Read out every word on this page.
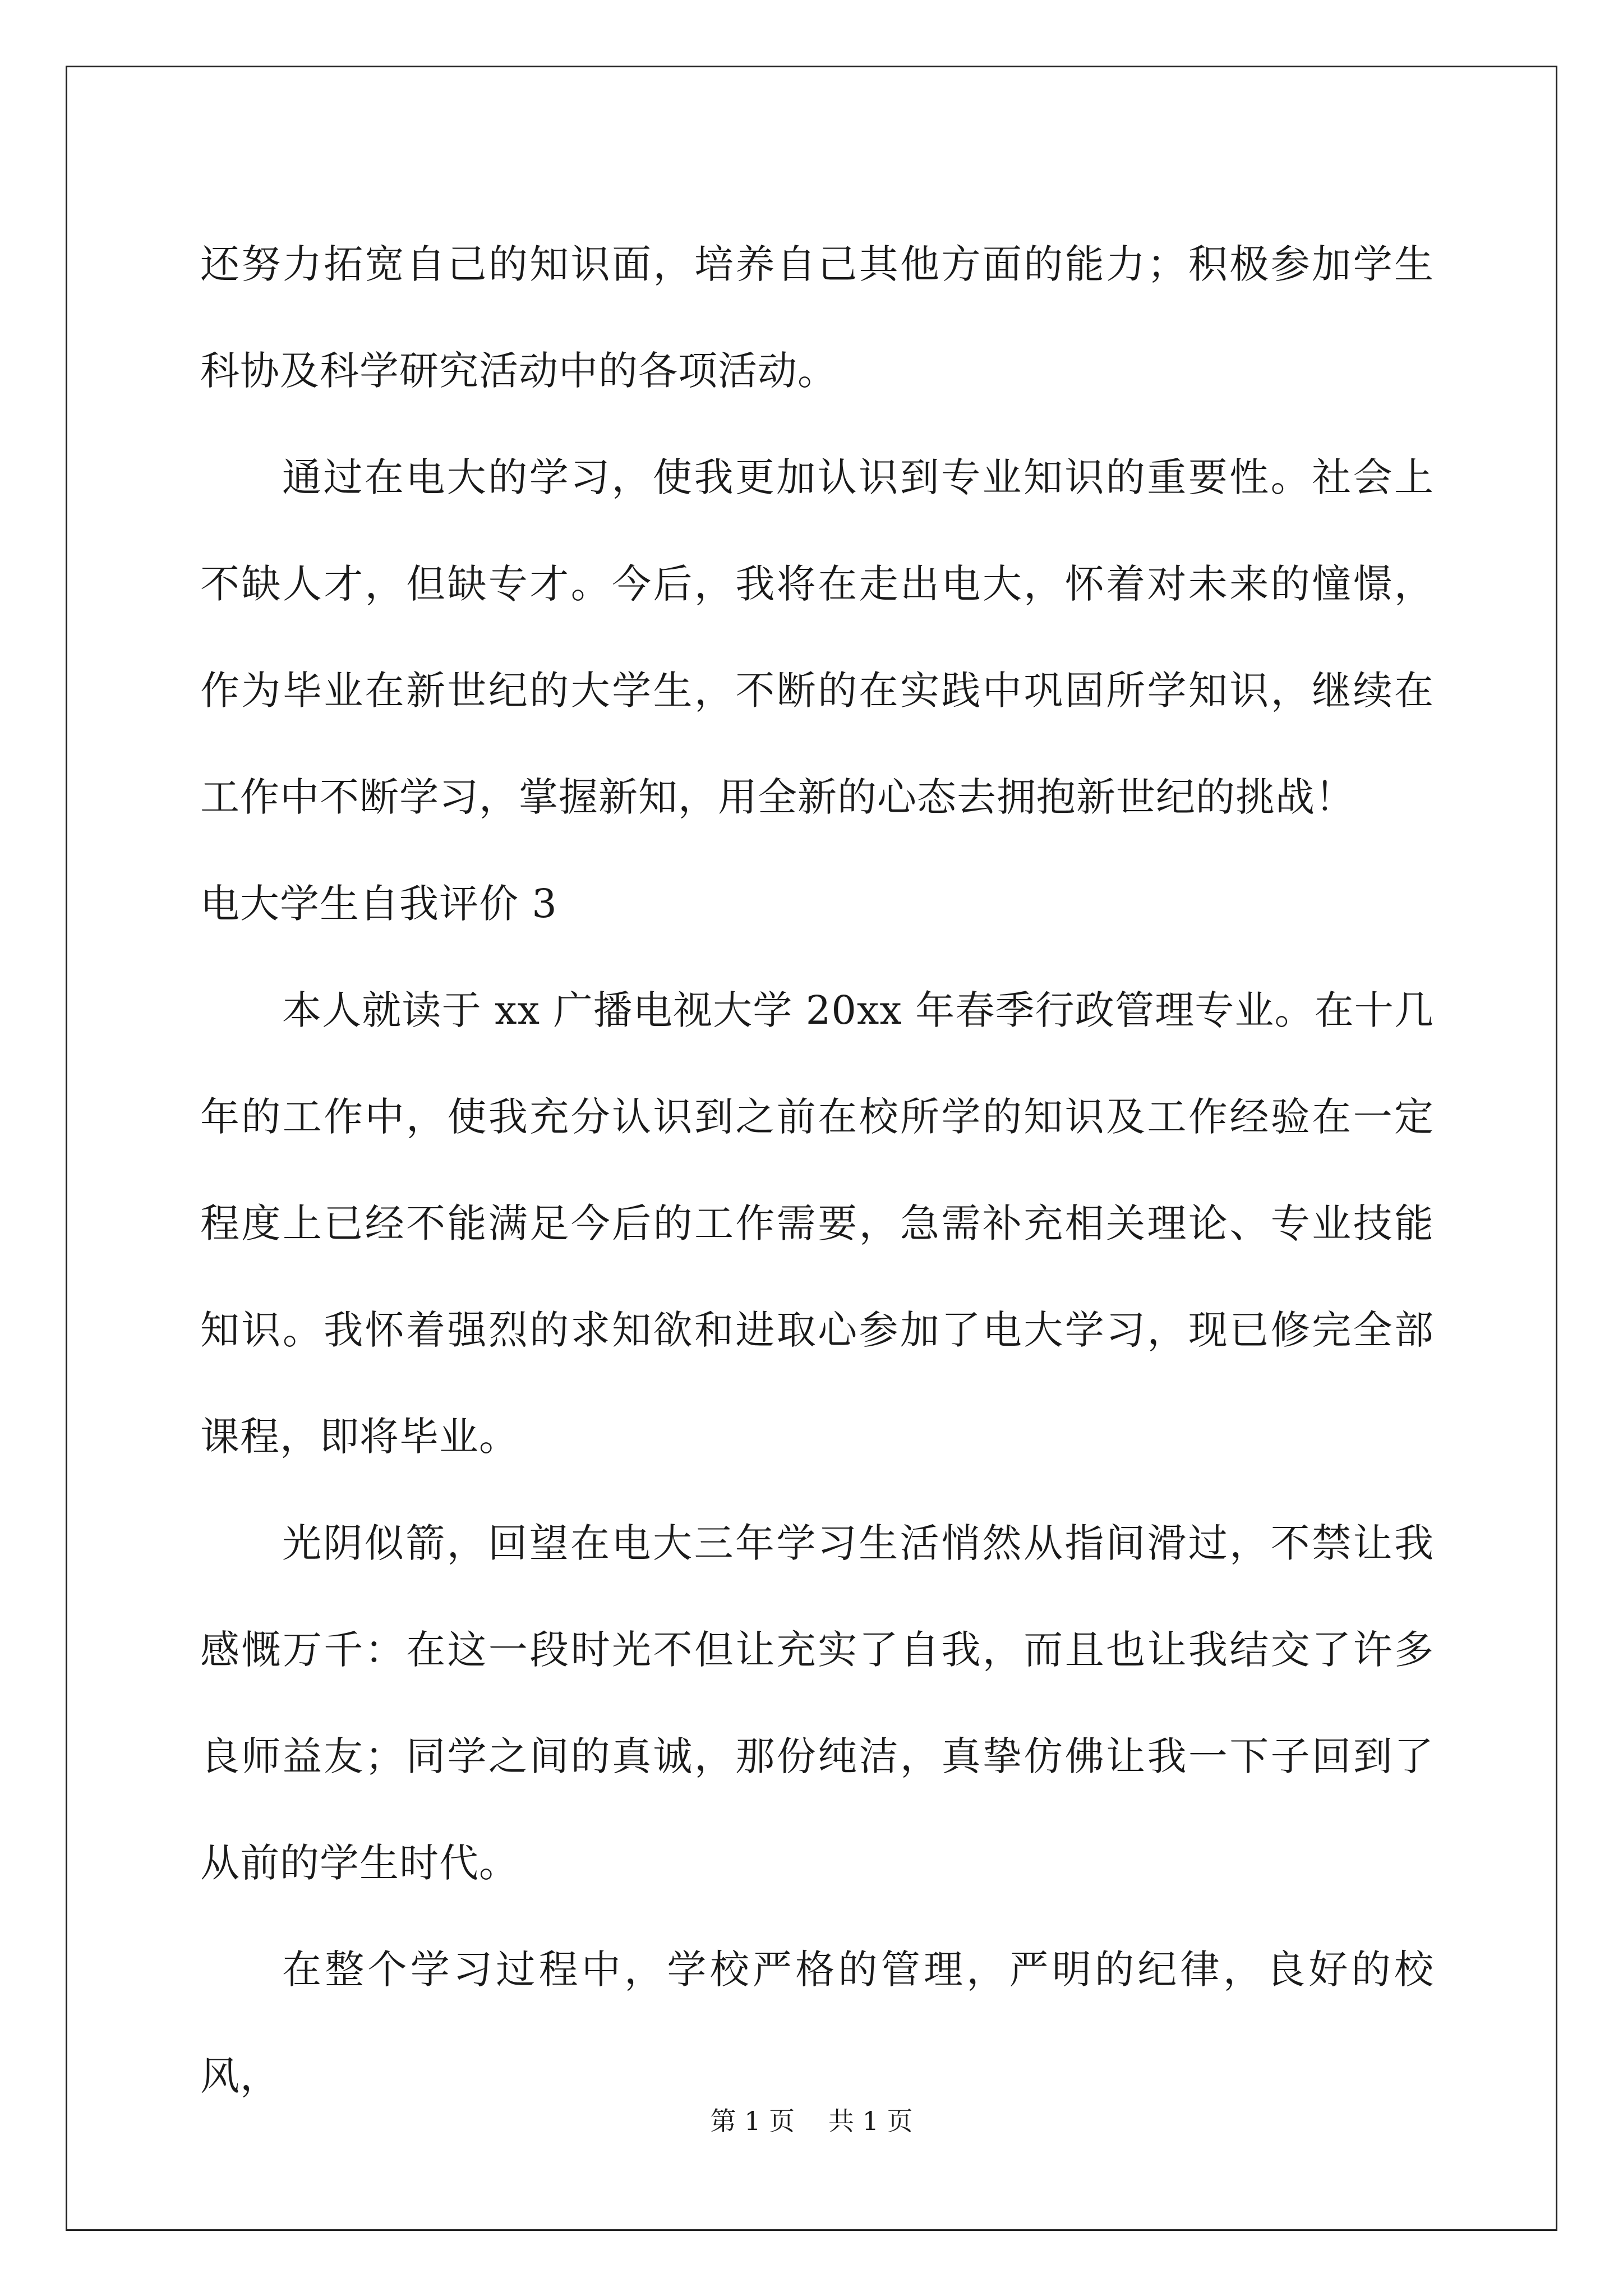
还努力拓宽自己的知识面，培养自己其他方面的能力；积极参加学生科协及科学研究活动中的各项活动。

通过在电大的学习，使我更加认识到专业知识的重要性。社会上不缺人才，但缺专才。今后，我将在走出电大，怀着对未来的憧憬，作为毕业在新世纪的大学生，不断的在实践中巩固所学知识，继续在工作中不断学习，掌握新知，用全新的心态去拥抱新世纪的挑战！

电大学生自我评价 3

本人就读于 xx 广播电视大学 20xx 年春季行政管理专业。在十几年的工作中，使我充分认识到之前在校所学的知识及工作经验在一定程度上已经不能满足今后的工作需要，急需补充相关理论、专业技能知识。我怀着强烈的求知欲和进取心参加了电大学习，现已修完全部课程，即将毕业。

光阴似箭，回望在电大三年学习生活悄然从指间滑过，不禁让我感慨万千：在这一段时光不但让充实了自我，而且也让我结交了许多良师益友；同学之间的真诚，那份纯洁，真挚仿佛让我一下子回到了从前的学生时代。

在整个学习过程中，学校严格的管理，严明的纪律，良好的校风，

第 1 页 共 1 页
